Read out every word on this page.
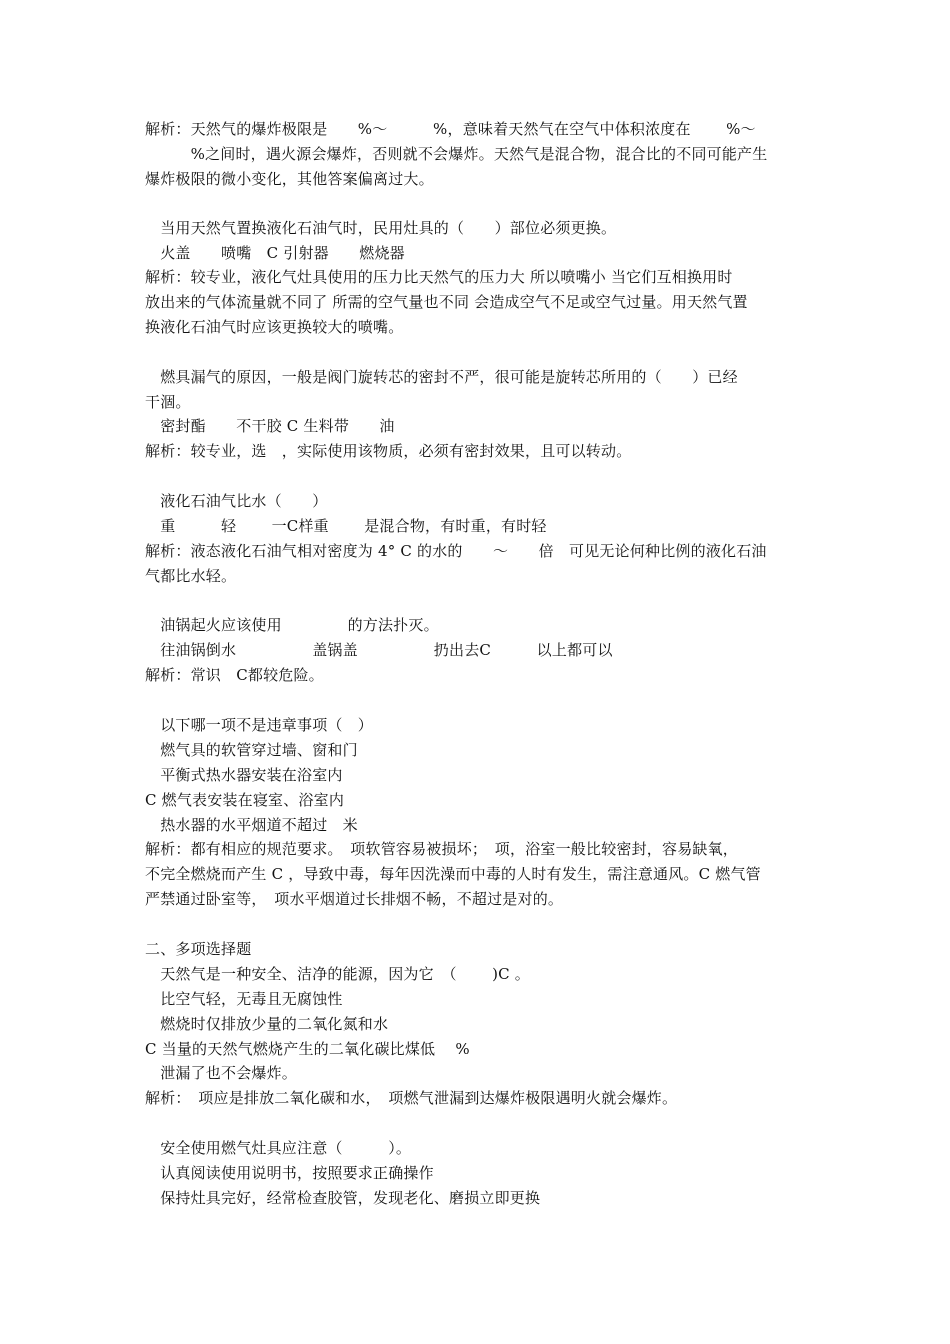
解析：天然气的爆炸极限是　　%～　　　%，意味着天然气在空气中体积浓度在　　 %～
　　　%之间时，遇火源会爆炸，否则就不会爆炸。天然气是混合物，混合比的不同可能产生
爆炸极限的微小变化，其他答案偏离过大。
　当用天然气置换液化石油气时，民用灶具的（　　）部位必须更换。
　火盖　　喷嘴　C 引射器　　燃烧器
解析：较专业，液化气灶具使用的压力比天然气的压力大 所以喷嘴小 当它们互相换用时
放出来的气体流量就不同了 所需的空气量也不同 会造成空气不足或空气过量。用天然气置
换液化石油气时应该更换较大的喷嘴。
　燃具漏气的原因，一般是阀门旋转芯的密封不严，很可能是旋转芯所用的（　　）已经
干涸。
　密封酯　　不干胶 C 生料带　　油
解析：较专业，选　，实际使用该物质，必须有密封效果，且可以转动。
　液化石油气比水（　　）
　重　　　轻　　 一C样重　　 是混合物，有时重，有时轻
解析：液态液化石油气相对密度为 4° C 的水的　　～　　倍　可见无论何种比例的液化石油
气都比水轻。
　油锅起火应该使用　　　　 的方法扑灭。
　往油锅倒水　　　　　盖锅盖　　　　　扔出去C　　　以上都可以
解析：常识　C都较危险。
　以下哪一项不是违章事项（　）
　燃气具的软管穿过墙、窗和门
　平衡式热水器安装在浴室内
C 燃气表安装在寝室、浴室内
　热水器的水平烟道不超过　米
解析：都有相应的规范要求。　项软管容易被损坏；　项，浴室一般比较密封，容易缺氧，
不完全燃烧而产生 C ，导致中毒，每年因洗澡而中毒的人时有发生，需注意通风。C 燃气管
严禁通过卧室等，　项水平烟道过长排烟不畅，不超过是对的。
二、多项选择题
　天然气是一种安全、洁净的能源，因为它　（　　 )C 。
　比空气轻，无毒且无腐蚀性
　燃烧时仅排放少量的二氧化氮和水
C 当量的天然气燃烧产生的二氧化碳比煤低　 %
　泄漏了也不会爆炸。
解析：　项应是排放二氧化碳和水，　项燃气泄漏到达爆炸极限遇明火就会爆炸。
　安全使用燃气灶具应注意（　　　）。
　认真阅读使用说明书，按照要求正确操作
　保持灶具完好，经常检查胶管，发现老化、磨损立即更换
